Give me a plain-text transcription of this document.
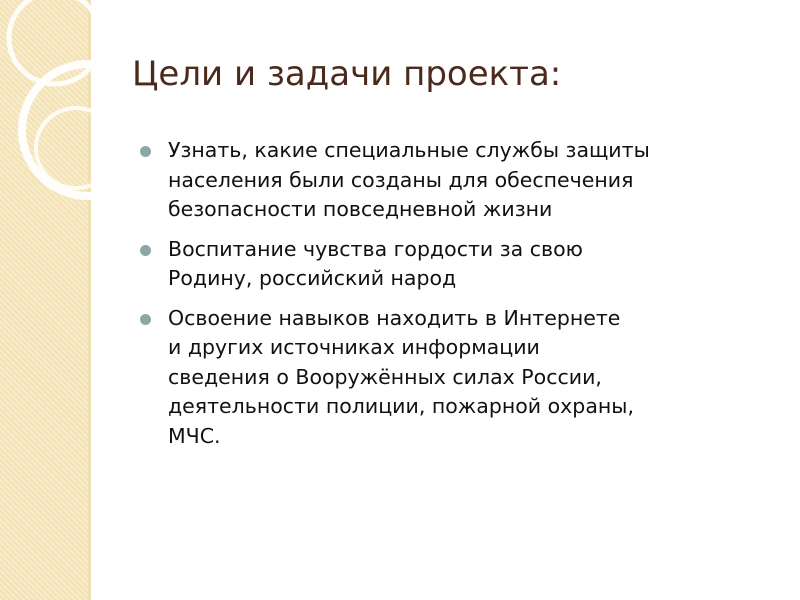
Цели и задачи проекта:
Узнать, какие специальные службы защиты
населения были созданы для обеспечения
безопасности повседневной жизни
Воспитание чувства гордости за свою
Родину, российский народ
Освоение навыков находить в Интернете
и других источниках информации
сведения о Вооружённых силах России,
деятельности полиции, пожарной охраны,
МЧС.
